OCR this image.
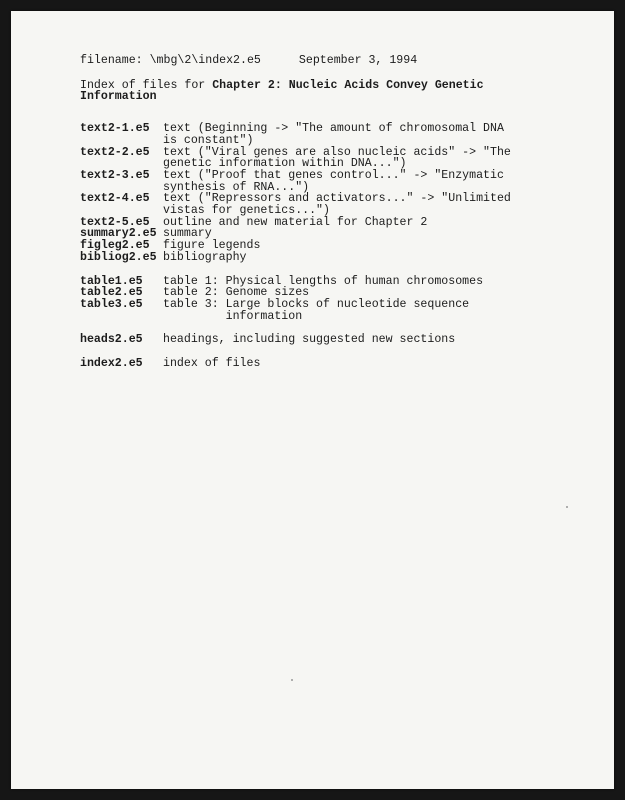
filename: \mbg\2\index2.e5	September 3, 1994
Index of files for Chapter 2: Nucleic Acids Convey Genetic Information
text2-1.e5	text (Beginning -> "The amount of chromosomal DNA
is constant")
text2-2.e5	text ("Viral genes are also nucleic acids" -> "The
genetic information within DNA...")
text2-3.e5	text ("Proof that genes control..." -> "Enzymatic
synthesis of RNA...")
text2-4.e5	text ("Repressors and activators..." -> "Unlimited
vistas for genetics...")
text2-5.e5	outline and new material for Chapter 2
summary2.e5 summary
figleg2.e5	figure legends
bibliog2.e5 bibliography
table1.e5	table 1: Physical lengths of human chromosomes
table2.e5	table 2: Genome sizes
table3.e5	table 3: Large blocks of nucleotide sequence
information
heads2.e5	headings, including suggested new sections
index2.e5	index of files
